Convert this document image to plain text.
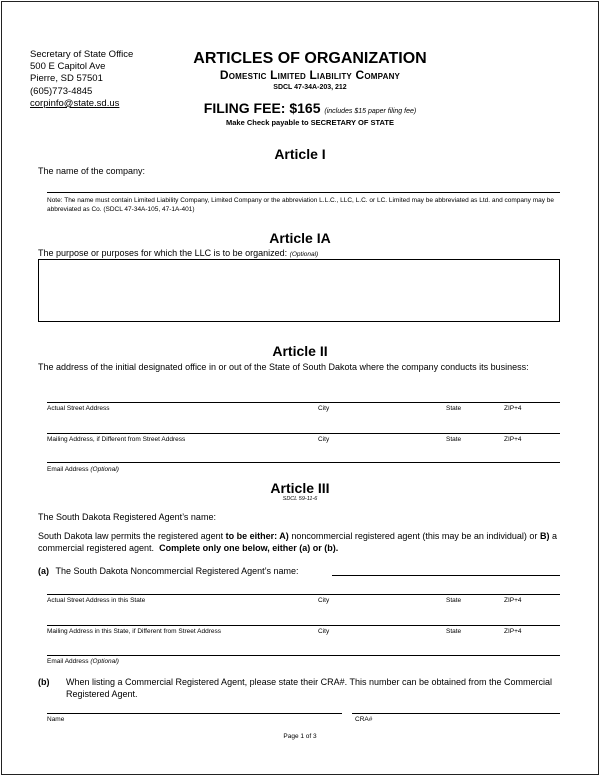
Secretary of State Office
500 E Capitol Ave
Pierre, SD 57501
(605)773-4845
corpinfo@state.sd.us
ARTICLES OF ORGANIZATION
Domestic Limited Liability Company
SDCL 47-34A-203, 212
FILING FEE: $165 (includes $15 paper filing fee)
Make Check payable to SECRETARY OF STATE
Article I
The name of the company:
Note: The name must contain Limited Liability Company, Limited Company or the abbreviation L.L.C., LLC, L.C. or LC. Limited may be abbreviated as Ltd. and company may be abbreviated as Co. (SDCL 47-34A-105, 47-1A-401)
Article IA
The purpose or purposes for which the LLC is to be organized: (Optional)
Article II
The address of the initial designated office in or out of the State of South Dakota where the company conducts its business:
Actual Street Address	City	State	ZIP+4
Mailing Address, if Different from Street Address	City	State	ZIP+4
Email Address (Optional)
Article III
SDCL 59-11-6
The South Dakota Registered Agent’s name:
South Dakota law permits the registered agent to be either: A) noncommercial registered agent (this may be an individual) or B) a commercial registered agent. Complete only one below, either (a) or (b).
(a) The South Dakota Noncommercial Registered Agent’s name:
Actual Street Address in this State	City	State	ZIP+4
Mailing Address in this State, if Different from Street Address	City	State	ZIP+4
Email Address (Optional)
(b) When listing a Commercial Registered Agent, please state their CRA#. This number can be obtained from the Commercial Registered Agent.
Name	CRA#
Page 1 of 3
